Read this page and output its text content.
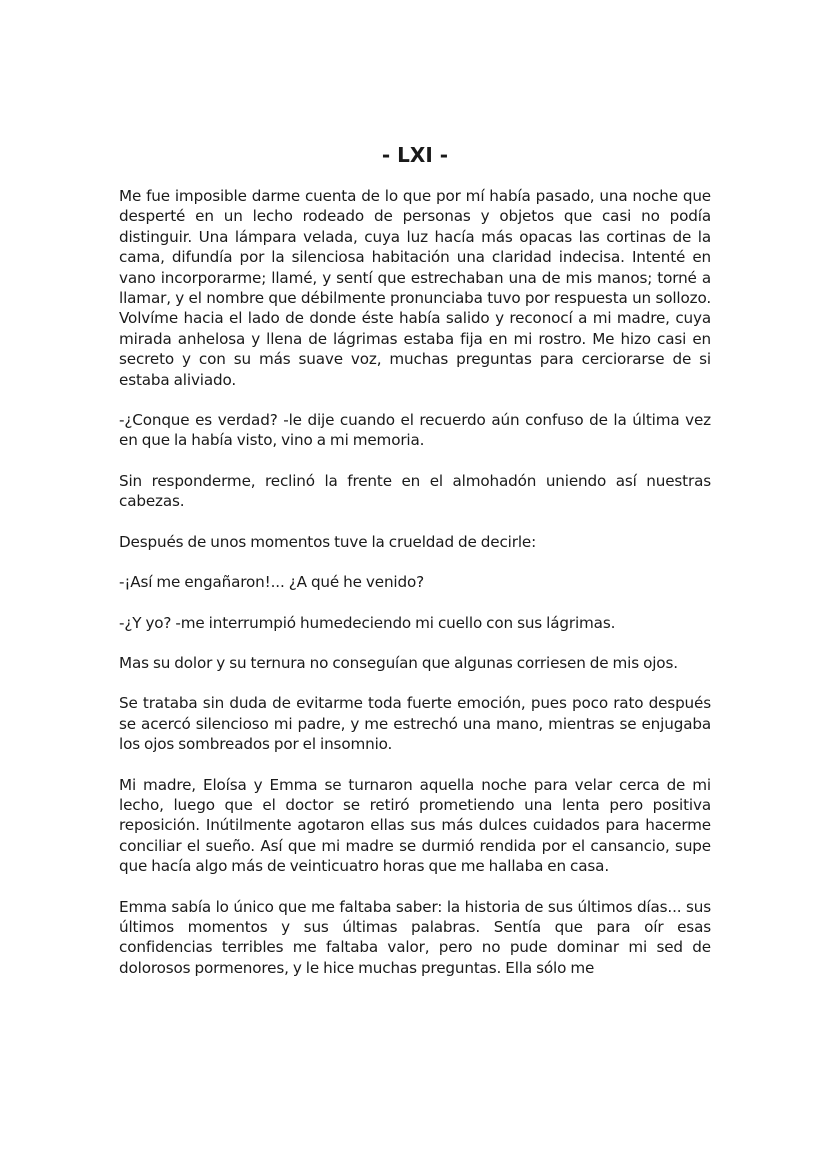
- LXI -

Me fue imposible darme cuenta de lo que por mí había pasado, una noche que desperté en un lecho rodeado de personas y objetos que casi no podía distinguir. Una lámpara velada, cuya luz hacía más opacas las cortinas de la cama, difundía por la silenciosa habitación una claridad indecisa. Intenté en vano incorporarme; llamé, y sentí que estrechaban una de mis manos; torné a llamar, y el nombre que débilmente pronunciaba tuvo por respuesta un sollozo. Volvíme hacia el lado de donde éste había salido y reconocí a mi madre, cuya mirada anhelosa y llena de lágrimas estaba fija en mi rostro. Me hizo casi en secreto y con su más suave voz, muchas preguntas para cerciorarse de si estaba aliviado.

-¿Conque es verdad? -le dije cuando el recuerdo aún confuso de la última vez en que la había visto, vino a mi memoria.

Sin responderme, reclinó la frente en el almohadón uniendo así nuestras cabezas.

Después de unos momentos tuve la crueldad de decirle:

-¡Así me engañaron!... ¿A qué he venido?

-¿Y yo? -me interrumpió humedeciendo mi cuello con sus lágrimas.

Mas su dolor y su ternura no conseguían que algunas corriesen de mis ojos.

Se trataba sin duda de evitarme toda fuerte emoción, pues poco rato después se acercó silencioso mi padre, y me estrechó una mano, mientras se enjugaba los ojos sombreados por el insomnio.

Mi madre, Eloísa y Emma se turnaron aquella noche para velar cerca de mi lecho, luego que el doctor se retiró prometiendo una lenta pero positiva reposición. Inútilmente agotaron ellas sus más dulces cuidados para hacerme conciliar el sueño. Así que mi madre se durmió rendida por el cansancio, supe que hacía algo más de veinticuatro horas que me hallaba en casa.

Emma sabía lo único que me faltaba saber: la historia de sus últimos días... sus últimos momentos y sus últimas palabras. Sentía que para oír esas confidencias terribles me faltaba valor, pero no pude dominar mi sed de dolorosos pormenores, y le hice muchas preguntas. Ella sólo me
